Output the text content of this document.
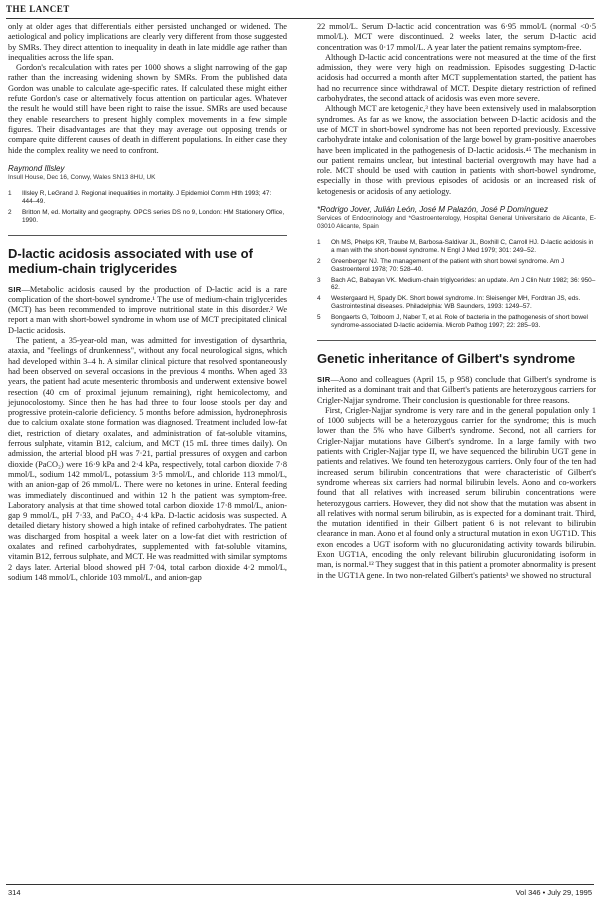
THE LANCET

only at older ages that differentials either persisted unchanged or widened. The aetiological and policy implications are clearly very different from those suggested by SMRs. They direct attention to inequality in death in late middle age rather than inequalities across the life span.

Gordon's recalculation with rates per 1000 shows a slight narrowing of the gap rather than the increasing widening shown by SMRs. From the published data Gordon was unable to calculate age-specific rates. If calculated these might either refute Gordon's case or alternatively focus attention on particular ages. Whatever the result he would still have been right to raise the issue. SMRs are used because they enable researchers to present highly complex movements in a few simple figures. Their disadvantages are that they may average out opposing trends or compare quite different causes of death in different populations. In either case they hide the complex reality we need to confront.

Raymond Illsley
Insull House, Dec 16, Conwy, Wales SN13 8HU, UK
1	Illsley R, LeGrand J. Regional inequalities in mortality. J Epidemiol Comm Hlth 1993; 47: 444–49.
2	Britton M, ed. Mortality and geography. OPCS series DS no 9, London: HM Stationery Office, 1990.
D-lactic acidosis associated with use of medium-chain triglycerides

SIR—Metabolic acidosis caused by the production of D-lactic acid is a rare complication of the short-bowel syndrome.¹ The use of medium-chain triglycerides (MCT) has been recommended to improve nutritional state in this disorder.² We report a man with short-bowel syndrome in whom use of MCT precipitated clinical D-lactic acidosis.

The patient, a 35-year-old man, was admitted for investigation of dysarthria, ataxia, and "feelings of drunkenness", without any focal neurological signs, which had developed within 3–4 h. A similar clinical picture that resolved spontaneously had been observed on several occasions in the previous 4 months. When aged 33 years, the patient had acute mesenteric thrombosis and underwent extensive bowel resection (40 cm of proximal jejunum remaining), right hemicolectomy, and jejunocolostomy. Since then he has had three to four loose stools per day and progressive protein-calorie deficiency. 5 months before admission, hydronephrosis due to calcium oxalate stone formation was diagnosed. Treatment included low-fat diet, restriction of dietary oxalates, and administration of fat-soluble vitamins, ferrous sulphate, vitamin B12, calcium, and MCT (15 mL three times daily). On admission, the arterial blood pH was 7·21, partial pressures of oxygen and carbon dioxide (PaCO₂) were 16·9 kPa and 2·4 kPa, respectively, total carbon dioxide 7·8 mmol/L, sodium 142 mmol/L, potassium 3·5 mmol/L, and chloride 113 mmol/L, with an anion-gap of 26 mmol/L. There were no ketones in urine. Enteral feeding was immediately discontinued and within 12 h the patient was symptom-free. Laboratory analysis at that time showed total carbon dioxide 17·8 mmol/L, anion-gap 9 mmol/L, pH 7·33, and PaCO₂ 4·4 kPa. D-lactic acidosis was suspected. A detailed dietary history showed a high intake of refined carbohydrates. The patient was discharged from hospital a week later on a low-fat diet with restriction of oxalates and refined carbohydrates, supplemented with fat-soluble vitamins, vitamin B12, ferrous sulphate, and MCT. He was readmitted with similar symptoms 2 days later. Arterial blood showed pH 7·04, total carbon dioxide 4·2 mmol/L, sodium 148 mmol/L, chloride 103 mmol/L, and anion-gap

22 mmol/L. Serum D-lactic acid concentration was 6·95 mmol/L (normal <0·5 mmol/L). MCT were discontinued. 2 weeks later, the serum D-lactic acid concentration was 0·17 mmol/L. A year later the patient remains symptom-free.

Although D-lactic acid concentrations were not measured at the time of the first admission, they were very high on readmission. Episodes suggesting D-lactic acidosis had occurred a month after MCT supplementation started, the patient has had no recurrence since withdrawal of MCT. Despite dietary restriction of refined carbohydrates, the second attack of acidosis was even more severe.

Although MCT are ketogenic,³ they have been extensively used in malabsorption syndromes. As far as we know, the association between D-lactic acidosis and the use of MCT in short-bowel syndrome has not been reported previously. Excessive carbohydrate intake and colonisation of the large bowel by gram-positive anaerobes have been implicated in the pathogenesis of D-lactic acidosis.⁴⁵ The mechanism in our patient remains unclear, but intestinal bacterial overgrowth may have had a role. MCT should be used with caution in patients with short-bowel syndrome, especially in those with previous episodes of acidosis or an increased risk of ketogenesis or acidosis of any aetiology.

*Rodrigo Jover, Julián León, José M Palazón, José P Domínguez
Services of Endocrinology and *Gastroenterology, Hospital General Universitario de Alicante, E-03010 Alicante, Spain
1	Oh MS, Phelps KR, Traube M, Barbosa-Saldivar JL, Boxhill C, Carroll HJ. D-lactic acidosis in a man with the short-bowel syndrome. N Engl J Med 1979; 301: 249–52.
2	Greenberger NJ. The management of the patient with short bowel syndrome. Am J Gastroenterol 1978; 70: 528–40.
3	Bach AC, Babayan VK. Medium-chain triglycerides: an update. Am J Clin Nutr 1982; 36: 950–62.
4	Westergaard H, Spady DK. Short bowel syndrome. In: Sleisenger MH, Fordtran JS, eds. Gastrointestinal diseases. Philadelphia: WB Saunders, 1993: 1249–57.
5	Bongaerts G, Tolboom J, Naber T, et al. Role of bacteria in the pathogenesis of short bowel syndrome-associated D-lactic acidemia. Microb Pathog 1997; 22: 285–93.
Genetic inheritance of Gilbert's syndrome

SIR—Aono and colleagues (April 15, p 958) conclude that Gilbert's syndrome is inherited as a dominant trait and that Gilbert's patients are heterozygous carriers for Crigler-Najjar syndrome. Their conclusion is questionable for three reasons.

First, Crigler-Najjar syndrome is very rare and in the general population only 1 of 1000 subjects will be a heterozygous carrier for the syndrome; this is much lower than the 5% who have Gilbert's syndrome. Second, not all carriers for Crigler-Najjar mutations have Gilbert's syndrome. In a large family with two patients with Crigler-Najjar type II, we have sequenced the bilirubin UGT gene in patients and relatives. We found ten heterozygous carriers. Only four of the ten had increased serum bilirubin concentrations that were characteristic of Gilbert's syndrome whereas six carriers had normal bilirubin levels. Aono and co-workers found that all relatives with increased serum bilirubin concentrations were heterozygous carriers. However, they did not show that the mutation was absent in all relatives with normal serum bilirubin, as is expected for a dominant trait. Third, the mutation identified in their Gilbert patient 6 is not relevant to bilirubin clearance in man. Aono et al found only a structural mutation in exon UGT1D. This exon encodes a UGT isoform with no glucuronidating activity towards bilirubin. Exon UGT1A, encoding the only relevant bilirubin glucuronidating isoform in man, is normal.¹² They suggest that in this patient a promoter abnormality is present in the UGT1A gene. In two non-related Gilbert's patients³ we showed no structural

314	Vol 346 • July 29, 1995
